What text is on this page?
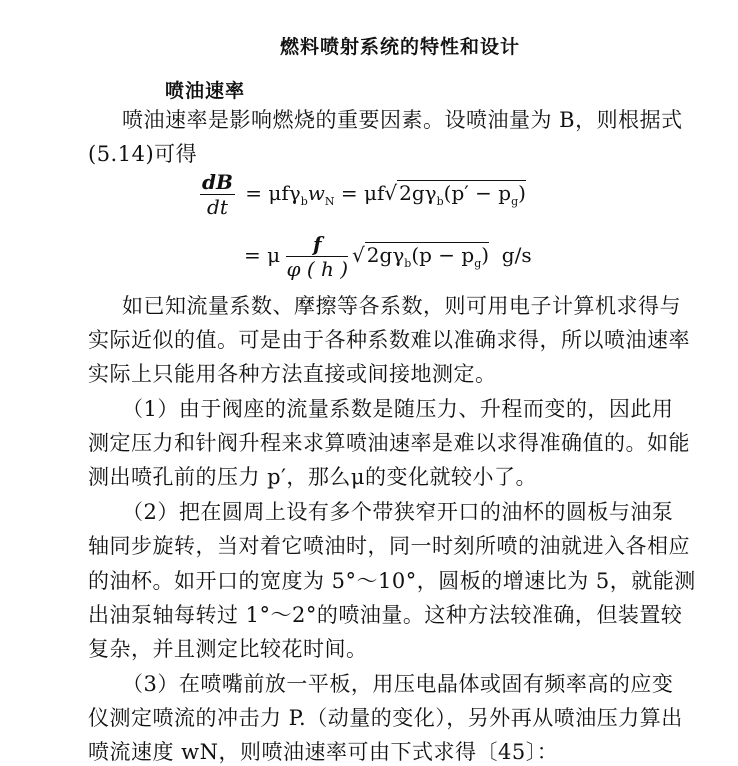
燃料喷射系统的特性和设计
喷油速率
喷油速率是影响燃烧的重要因素。设喷油量为 B，则根据式
(5.14)可得
$\frac{dB}{dt} = \mu f\gamma_bw_N = \mu f√$ $2g\gamma_b(p' - p_g)$
= μ $\frac{f}{\varphi ( h )}$ √ $2g\gamma_b(p - p_g)$ g/s
如已知流量系数、摩擦等各系数，则可用电子计算机求得与
实际近似的值。可是由于各种系数难以准确求得，所以喷油速率
实际上只能用各种方法直接或间接地测定。
（1）由于阀座的流量系数是随压力、升程而变的，因此用
测定压力和针阀升程来求算喷油速率是难以求得准确值的。如能
测出喷孔前的压力 p′，那么μ的变化就较小了。
（2）把在圆周上设有多个带狭窄开口的油杯的圆板与油泵
轴同步旋转，当对着它喷油时，同一时刻所喷的油就进入各相应
的油杯。如开口的宽度为 5°～10°，圆板的增速比为 5，就能测
出油泵轴每转过 1°～2°的喷油量。这种方法较准确，但装置较
复杂，并且测定比较花时间。
（3）在喷嘴前放一平板，用压电晶体或固有频率高的应变
仪测定喷流的冲击力 P.（动量的变化），另外再从喷油压力算出
喷流速度 wN，则喷油速率可由下式求得〔45〕：
